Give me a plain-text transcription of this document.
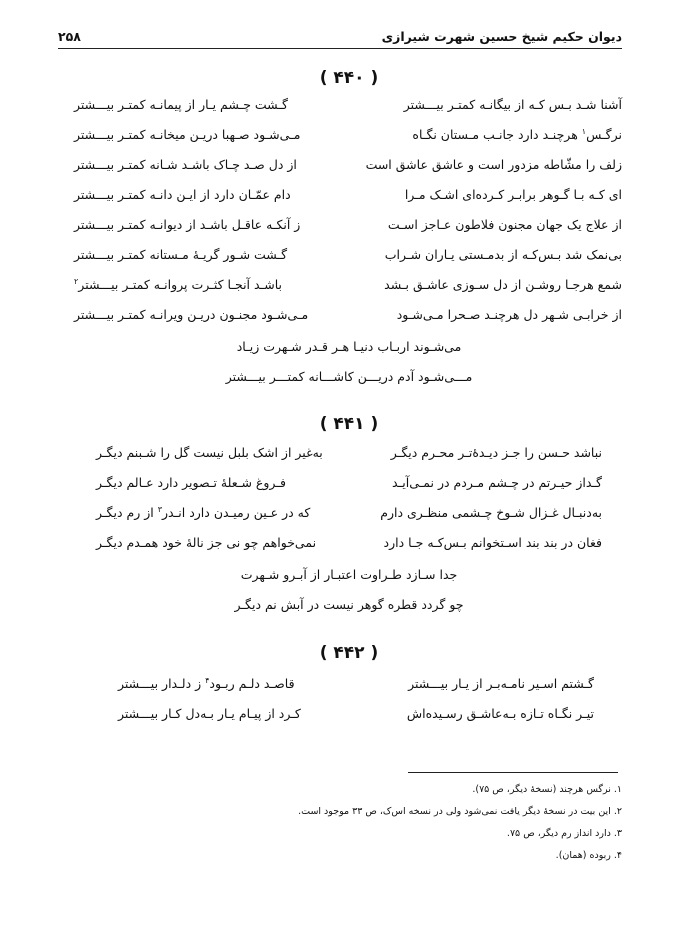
دیوان حکیم شیخ حسین شهرت شیرازی
۲۵۸
( ۴۴۰ )
آشنا شـد بـس کـه از بیگانـه کمتـر بیـــشتر
گـشت چـشم یـار از پیمانـه کمتـر بیـــشتر
نرگـس$^۱$ هرچنـد دارد جانـب مـستان نگـاه
مـی‌شـود صـهبا دریـن میخانـه کمتـر بیـــشتر
زلف را مشّاطه مزدور است و عاشق عاشق است
از دل صـد چـاک باشـد شـانه کمتـر بیـــشتر
ای کـه بـا گـوهر برابـر کـرده‌ای اشـک مـرا
دام عمّـان دارد از ایـن دانـه کمتـر بیـــشتر
از علاج یک جهان مجنون فلاطون عـاجز اسـت
ز آنکـه عاقـل باشـد از دیوانـه کمتـر بیـــشتر
بی‌نمک شد بـس‌کـه از بدمـستی یـاران شـراب
گـشت شـور گریـهٔ مـستانه کمتـر بیـــشتر
شمع هرجـا روشـن از دل سـوزی عاشـق بـشد
باشـد آنجـا کثـرت پروانـه کمتـر بیـــشتر$^۲$
از خرابـی شـهر دل هرچنـد صـحرا مـی‌شـود
مـی‌شـود مجنـون دریـن ویرانـه کمتـر بیـــشتر
می‌شـوند اربـاب دنیـا هـر قـدر شـهرت زیـاد
مـــی‌شـود آدم دریـــن کاشـــانه کمتـــر بیـــشتر
( ۴۴۱ )
نباشد حـسن را جـز دیـدهٔ‌تـر محـرم دیگـر
به‌غیر از اشک بلبل نیست گل را شـبنم دیگـر
گـداز حیـرتم در چـشم مـردم در نمـی‌آیـد
فـروغ شـعلهٔ تـصویر دارد عـالم دیگـر
به‌دنبـال غـزال شـوخ چـشمی منظـری دارم
که در عـین رمیـدن دارد انـدر$^۳$ از رم دیگـر
فغان در بند بند اسـتخوانم بـس‌کـه جـا دارد
نمی‌خواهم چو نی جز نالهٔ خود همـدم دیگـر
جدا سـازد طـراوت اعتبـار از آبـرو شـهرت
چو گردد قطره گوهر نیست در آبش نم دیگـر
( ۴۴۲ )
گـشتم اسـیر نامـه‌بـر از یـار بیـــشتر
قاصـد دلـم ربـود$^۴$ ز دلـدار بیـــشتر
تیـر نگـاه تـازه بـه‌عاشـق رسـیده‌اش
کـرد از پیـام یـار بـه‌دل کـار بیـــشتر
۱. نرگس هرچند (نسخهٔ دیگر، ص ۷۵).
۲. این بیت در نسخهٔ دیگر یافت نمی‌شود ولی در نسخه اس‌ک، ص ۳۳ موجود است.
۳. دارد انداز رم دیگر، ص ۷۵.
۴. ربوده (همان).
